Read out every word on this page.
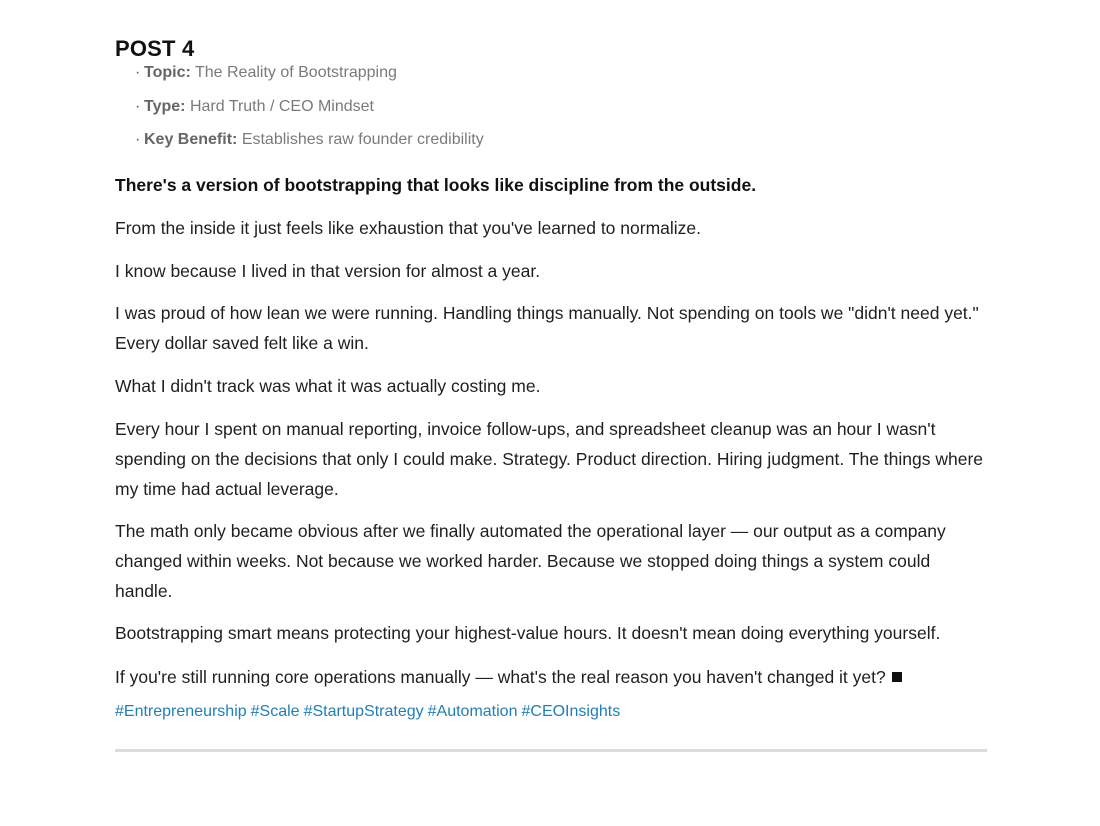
POST 4
· Topic: The Reality of Bootstrapping
· Type: Hard Truth / CEO Mindset
· Key Benefit: Establishes raw founder credibility

There's a version of bootstrapping that looks like discipline from the outside.

From the inside it just feels like exhaustion that you've learned to normalize.

I know because I lived in that version for almost a year.

I was proud of how lean we were running. Handling things manually. Not spending on tools we "didn't need yet." Every dollar saved felt like a win.

What I didn't track was what it was actually costing me.

Every hour I spent on manual reporting, invoice follow-ups, and spreadsheet cleanup was an hour I wasn't spending on the decisions that only I could make. Strategy. Product direction. Hiring judgment. The things where my time had actual leverage.

The math only became obvious after we finally automated the operational layer — our output as a company changed within weeks. Not because we worked harder. Because we stopped doing things a system could handle.

Bootstrapping smart means protecting your highest-value hours. It doesn't mean doing everything yourself.

If you're still running core operations manually — what's the real reason you haven't changed it yet?

#Entrepreneurship #Scale #StartupStrategy #Automation #CEOInsights
